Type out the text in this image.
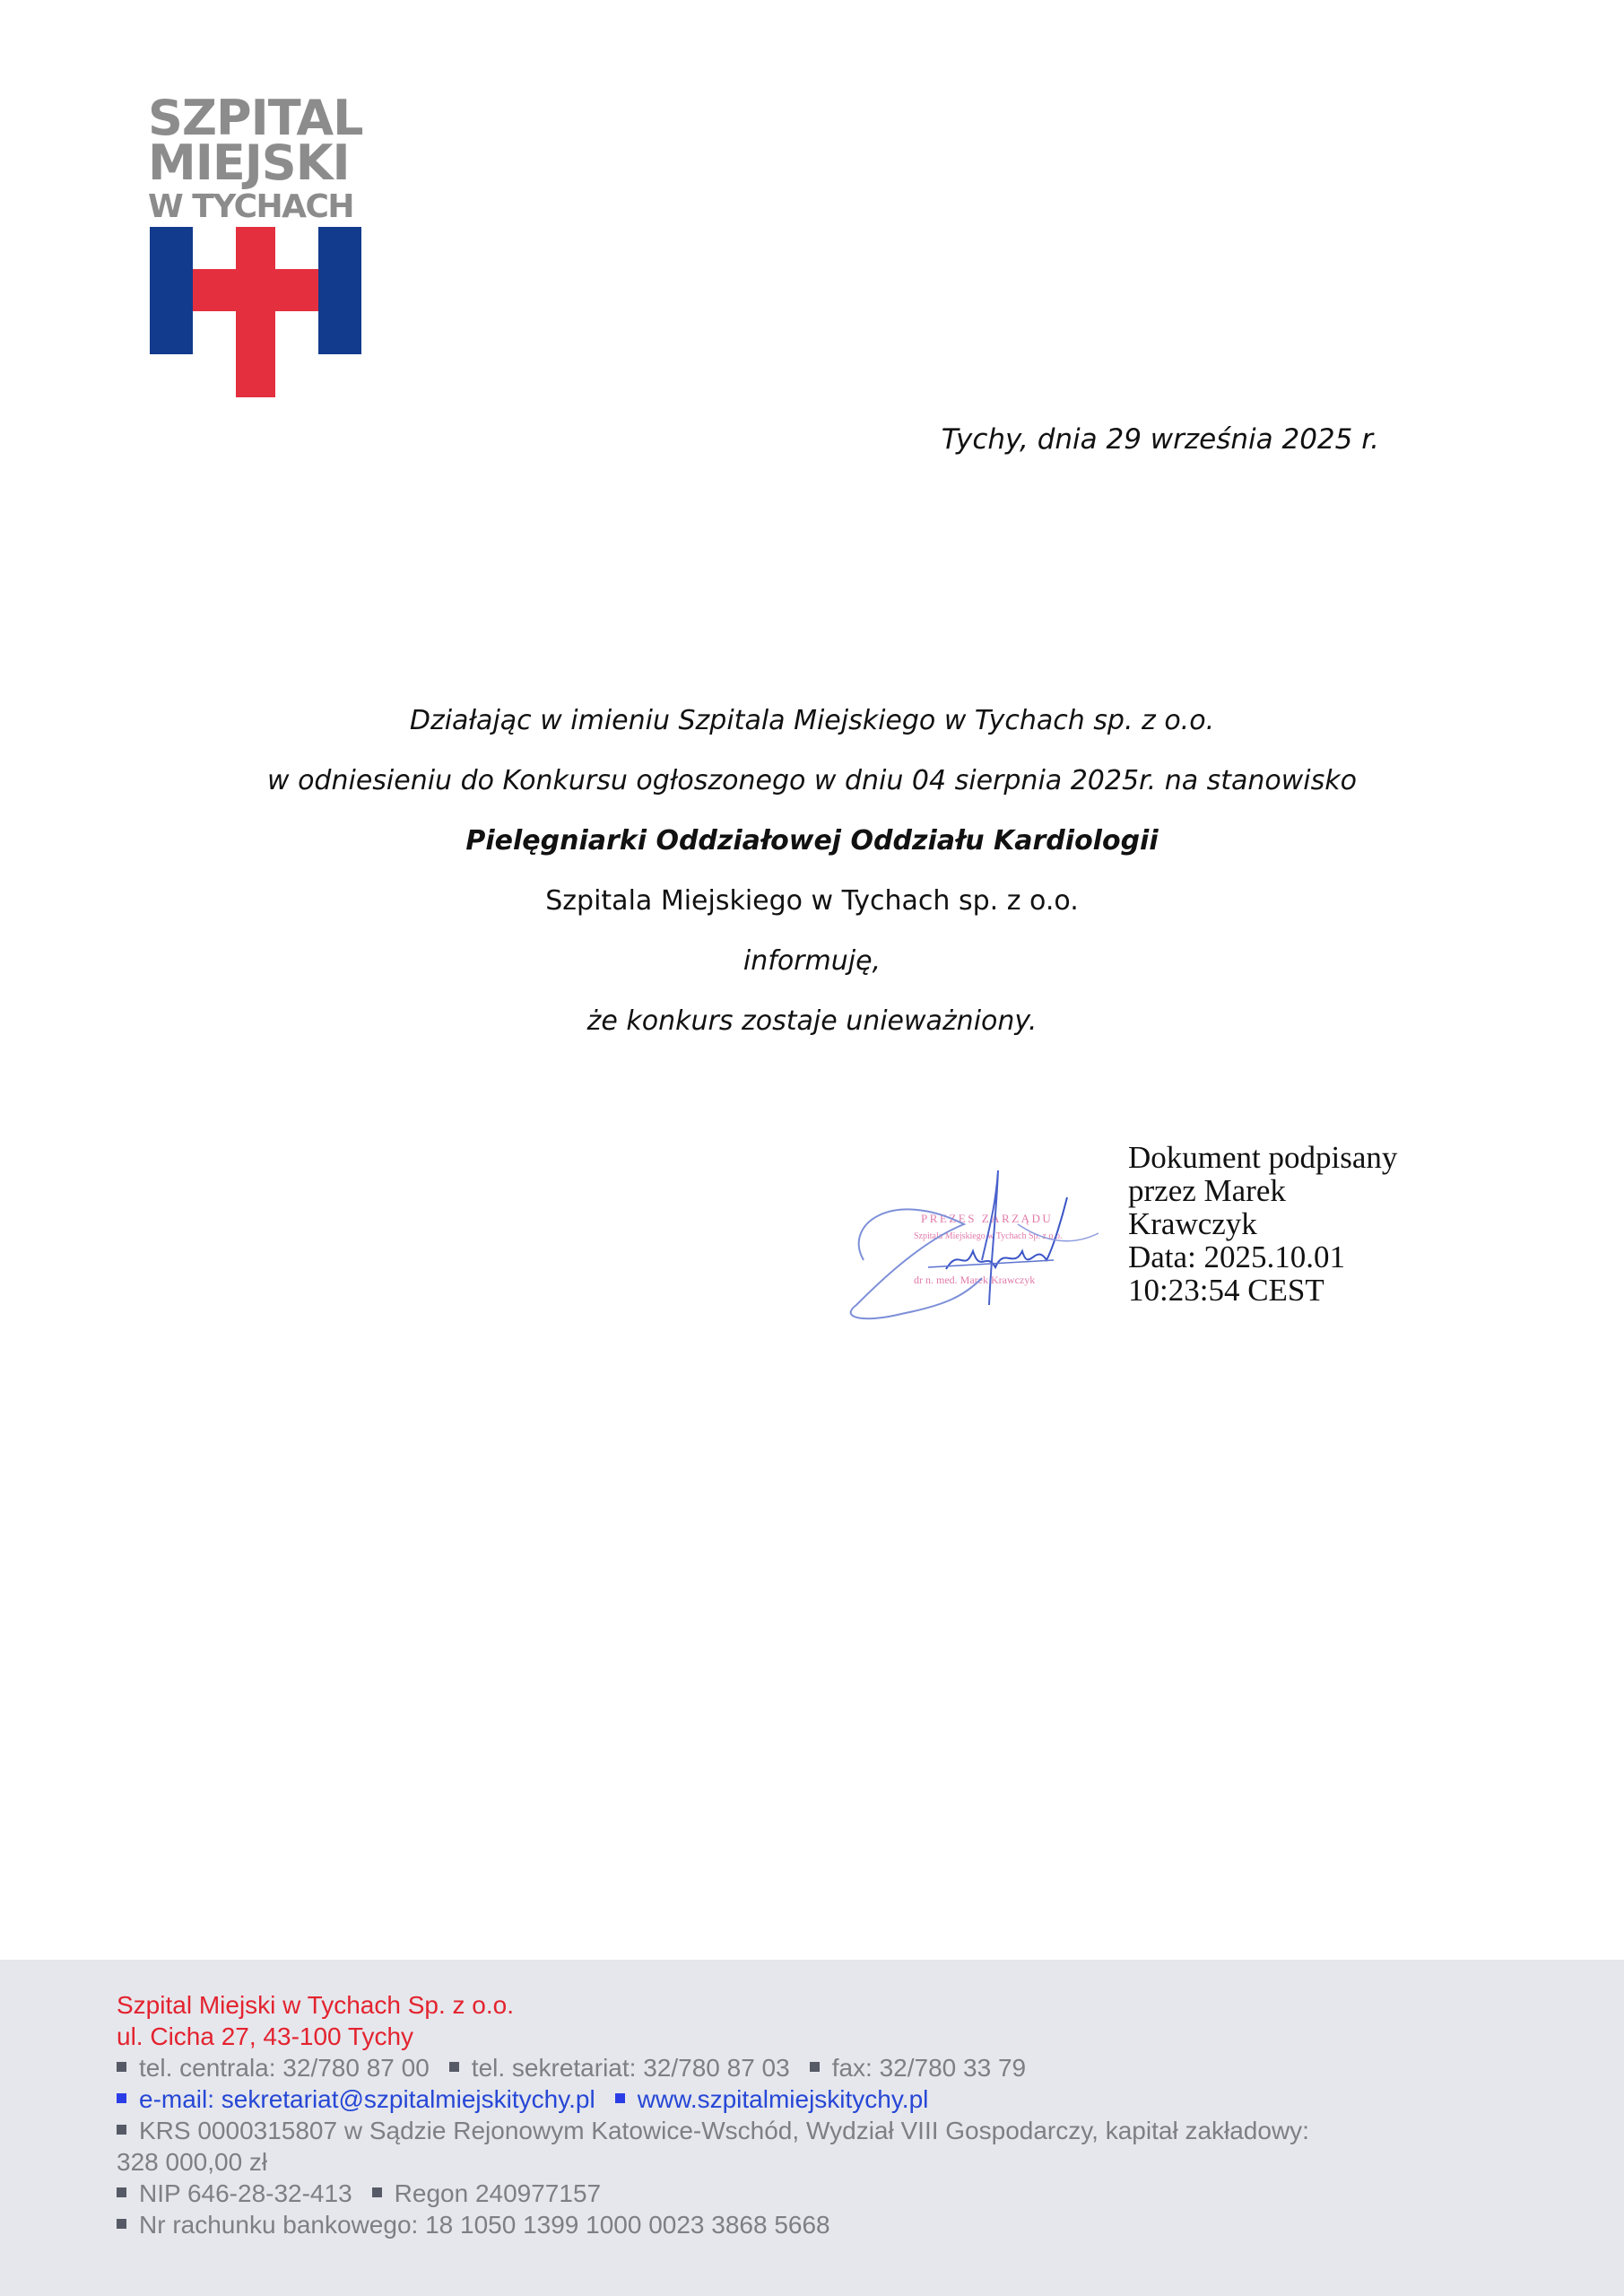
SZPITAL
MIEJSKI
W TYCHACH
Tychy, dnia 29 września 2025 r.
Działając w imieniu Szpitala Miejskiego w Tychach sp. z o.o.
w odniesieniu do Konkursu ogłoszonego w dniu 04 sierpnia 2025r. na stanowisko
Pielęgniarki Oddziałowej Oddziału Kardiologii
Szpitala Miejskiego w Tychach sp. z o.o.
informuję,
że konkurs zostaje unieważniony.
PREZES ZARZĄDU
Szpitala Miejskiego w Tychach Sp. z o.o.
dr n. med. Marek Krawczyk
Dokument podpisany
przez Marek
Krawczyk
Data: 2025.10.01
10:23:54 CEST
Szpital Miejski w Tychach Sp. z o.o.
ul. Cicha 27, 43-100 Tychy
tel. centrala: 32/780 87 00 tel. sekretariat: 32/780 87 03 fax: 32/780 33 79
e-mail: sekretariat@szpitalmiejskitychy.pl www.szpitalmiejskitychy.pl
KRS 0000315807 w Sądzie Rejonowym Katowice-Wschód, Wydział VIII Gospodarczy, kapitał zakładowy:
328 000,00 zł
NIP 646-28-32-413 Regon 240977157
Nr rachunku bankowego: 18 1050 1399 1000 0023 3868 5668
